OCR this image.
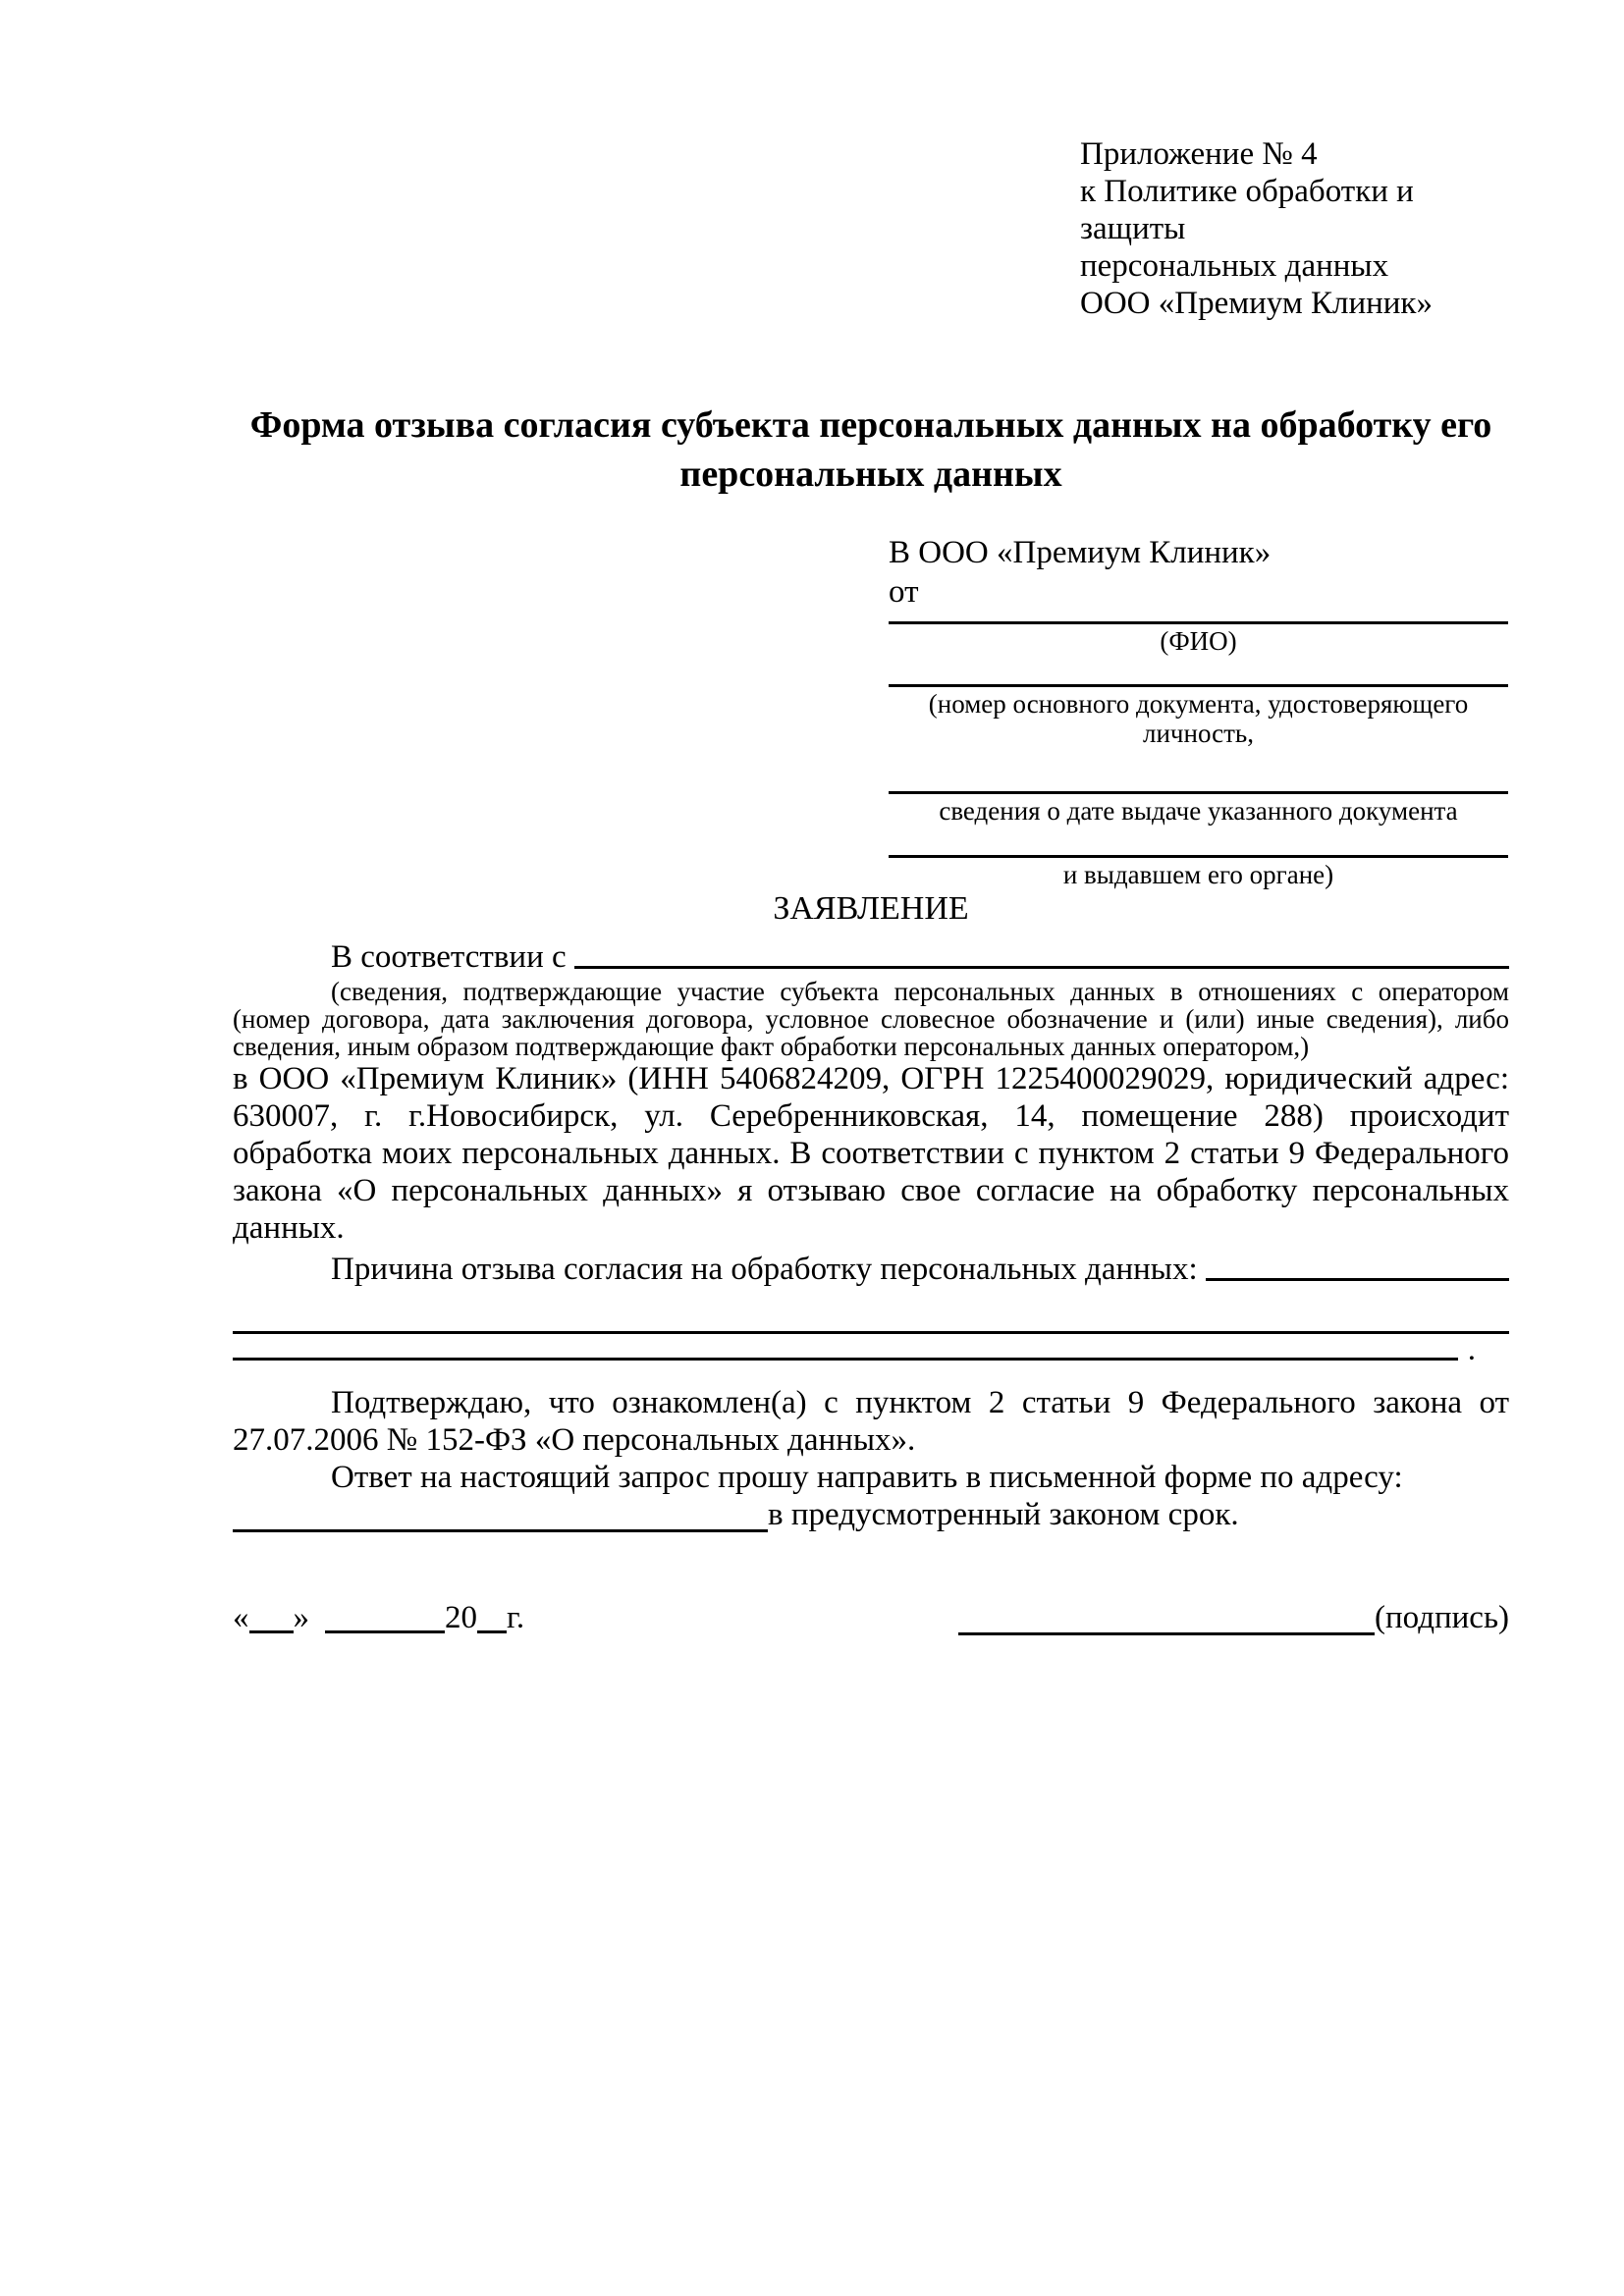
Приложение № 4
к Политике обработки и защиты
персональных данных
ООО «Премиум Клиник»
Форма отзыва согласия субъекта персональных данных на обработку его персональных данных
В ООО «Премиум Клиник»
от
(ФИО)
(номер основного документа, удостоверяющего личность,
сведения о дате выдаче указанного документа
и выдавшем его органе)
ЗАЯВЛЕНИЕ
В соответствии с
(сведения, подтверждающие участие субъекта персональных данных в отношениях с оператором (номер договора, дата заключения договора, условное словесное обозначение и (или) иные сведения), либо сведения, иным образом подтверждающие факт обработки персональных данных оператором,)
в ООО «Премиум Клиник» (ИНН 5406824209, ОГРН 1225400029029, юридический адрес: 630007, г. г.Новосибирск, ул. Серебренниковская, 14, помещение 288) происходит обработка моих персональных данных. В соответствии с пунктом 2 статьи 9 Федерального закона «О персональных данных» я отзываю свое согласие на обработку персональных данных.
Причина отзыва согласия на обработку персональных данных:
.
Подтверждаю, что ознакомлен(а) с пунктом 2 статьи 9 Федерального закона от 27.07.2006 № 152-ФЗ «О персональных данных».
Ответ на настоящий запрос прошу направить в письменной форме по адресу:
в предусмотренный законом срок.
« »	20 г.	(подпись)
